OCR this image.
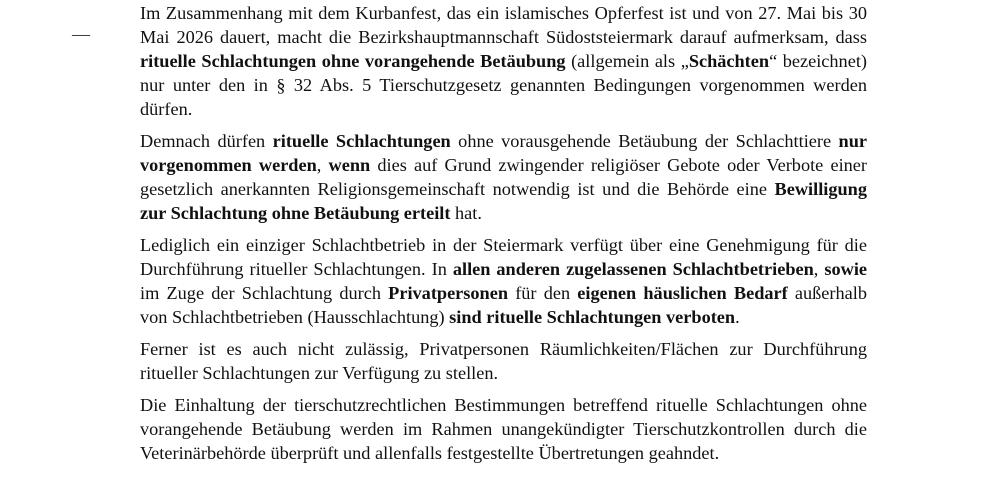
—

Im Zusammenhang mit dem Kurbanfest, das ein islamisches Opferfest ist und von 27. Mai bis 30 Mai 2026 dauert, macht die Bezirkshauptmannschaft Südoststeiermark darauf aufmerksam, dass rituelle Schlachtungen ohne vorangehende Betäubung (allgemein als „Schächten“ bezeichnet) nur unter den in § 32 Abs. 5 Tierschutzgesetz genannten Bedingungen vorgenommen werden dürfen.

Demnach dürfen rituelle Schlachtungen ohne vorausgehende Betäubung der Schlachttiere nur vorgenommen werden, wenn dies auf Grund zwingender religiöser Gebote oder Verbote einer gesetzlich anerkannten Religionsgemeinschaft notwendig ist und die Behörde eine Bewilligung zur Schlachtung ohne Betäubung erteilt hat.

Lediglich ein einziger Schlachtbetrieb in der Steiermark verfügt über eine Genehmigung für die Durchführung ritueller Schlachtungen. In allen anderen zugelassenen Schlachtbetrieben, sowie im Zuge der Schlachtung durch Privatpersonen für den eigenen häuslichen Bedarf außerhalb von Schlachtbetrieben (Hausschlachtung) sind rituelle Schlachtungen verboten.

Ferner ist es auch nicht zulässig, Privatpersonen Räumlichkeiten/Flächen zur Durchführung ritueller Schlachtungen zur Verfügung zu stellen.

Die Einhaltung der tierschutzrechtlichen Bestimmungen betreffend rituelle Schlachtungen ohne vorangehende Betäubung werden im Rahmen unangekündigter Tierschutzkontrollen durch die Veterinärbehörde überprüft und allenfalls festgestellte Übertretungen geahndet.
